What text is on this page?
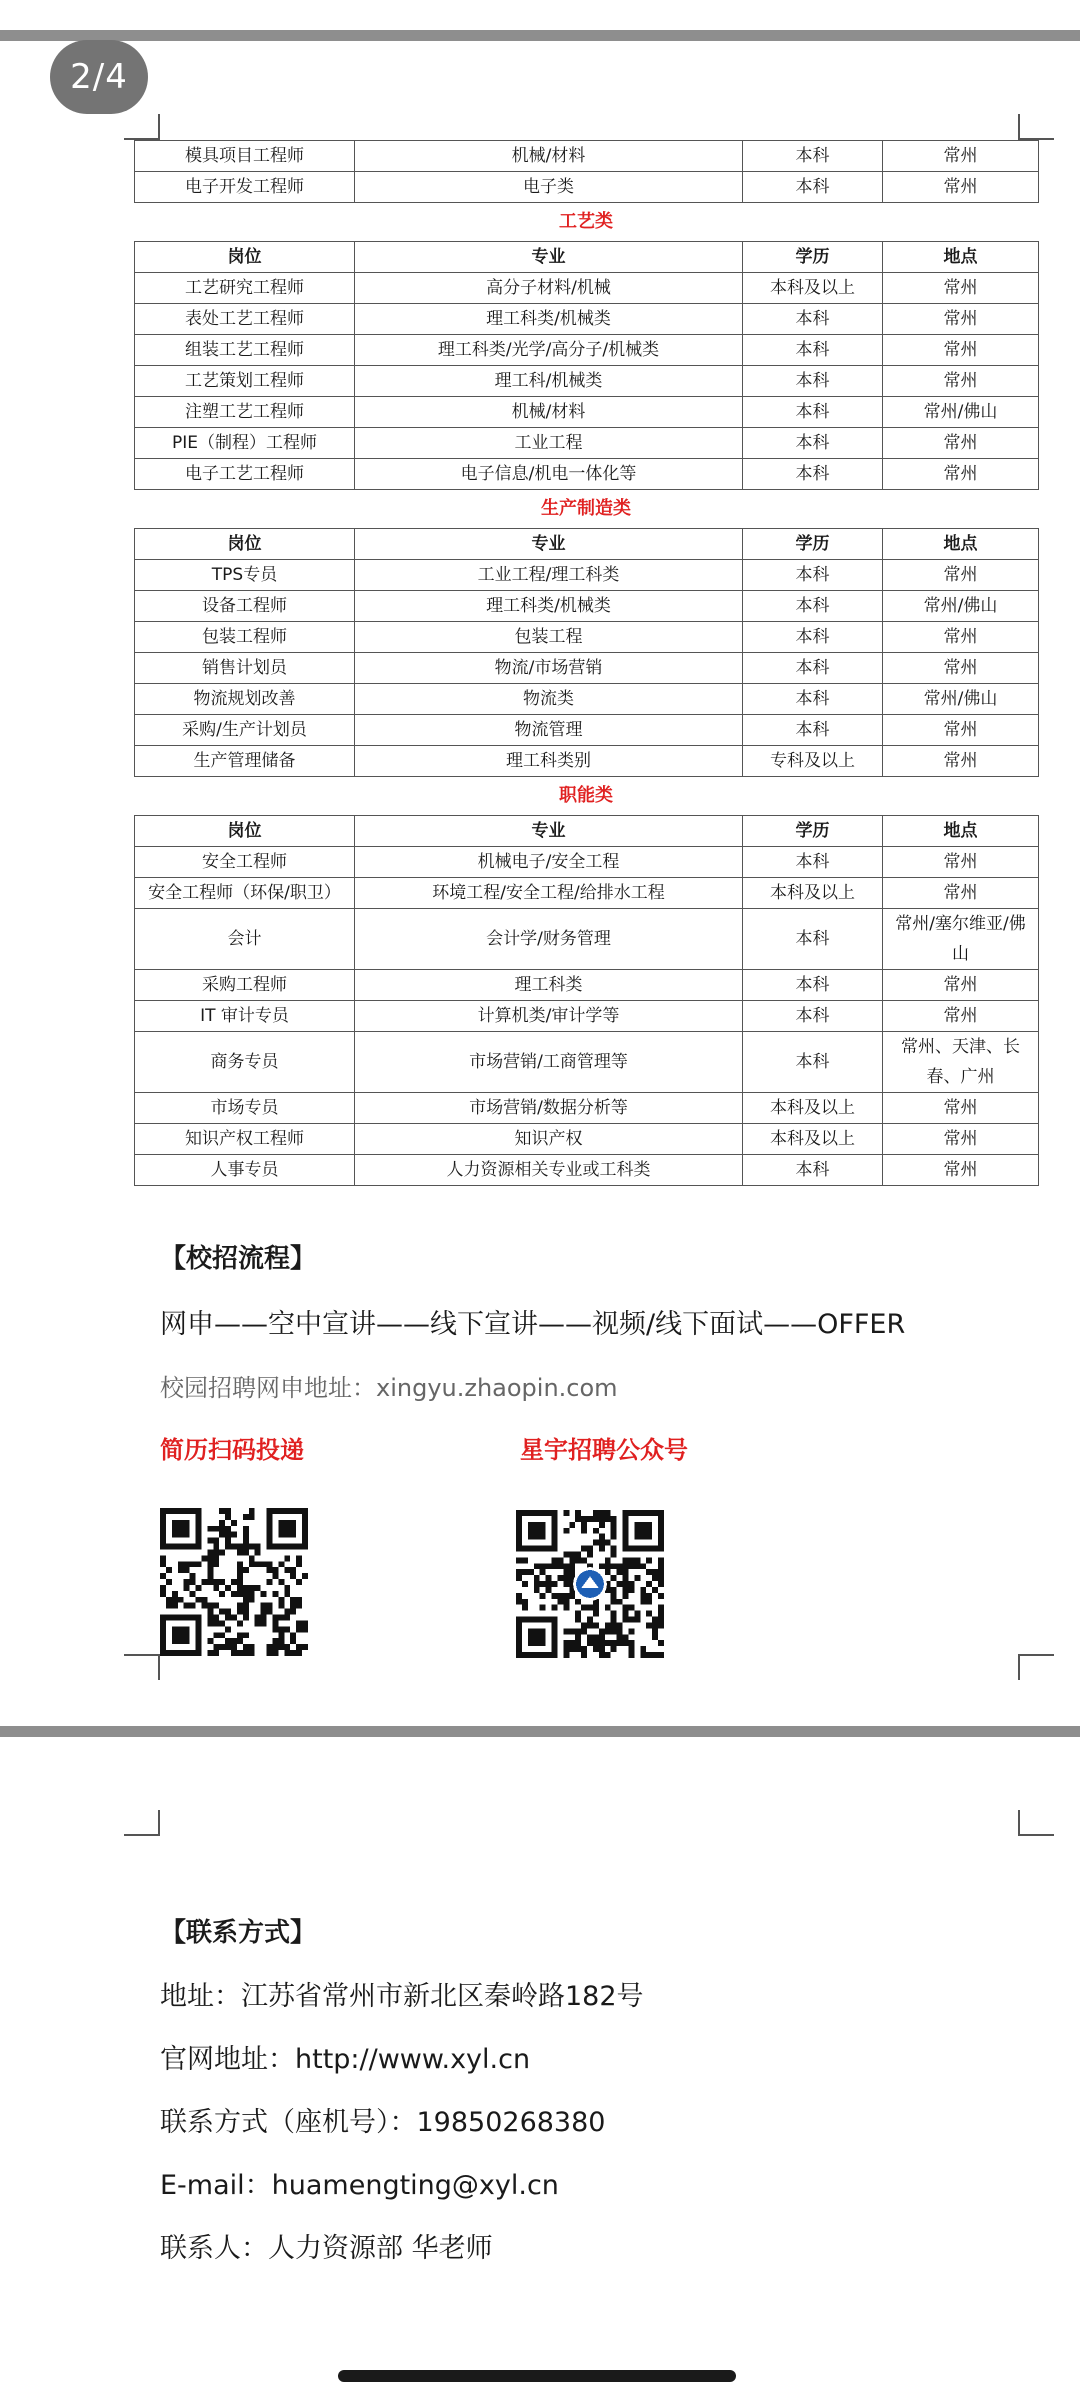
2/4
模具项目工程师	机械/材料	本科	常州
电子开发工程师	电子类	本科	常州
工艺类
岗位	专业	学历	地点
工艺研究工程师	高分子材料/机械	本科及以上	常州
表处工艺工程师	理工科类/机械类	本科	常州
组装工艺工程师	理工科类/光学/高分子/机械类	本科	常州
工艺策划工程师	理工科/机械类	本科	常州
注塑工艺工程师	机械/材料	本科	常州/佛山
PIE（制程）工程师	工业工程	本科	常州
电子工艺工程师	电子信息/机电一体化等	本科	常州
生产制造类
岗位	专业	学历	地点
TPS专员	工业工程/理工科类	本科	常州
设备工程师	理工科类/机械类	本科	常州/佛山
包装工程师	包装工程	本科	常州
销售计划员	物流/市场营销	本科	常州
物流规划改善	物流类	本科	常州/佛山
采购/生产计划员	物流管理	本科	常州
生产管理储备	理工科类别	专科及以上	常州
职能类
岗位	专业	学历	地点
安全工程师	机械电子/安全工程	本科	常州
安全工程师（环保/职卫）	环境工程/安全工程/给排水工程	本科及以上	常州
会计	会计学/财务管理	本科	常州/塞尔维亚/佛山
采购工程师	理工科类	本科	常州
IT 审计专员	计算机类/审计学等	本科	常州
商务专员	市场营销/工商管理等	本科	常州、天津、长春、广州
市场专员	市场营销/数据分析等	本科及以上	常州
知识产权工程师	知识产权	本科及以上	常州
人事专员	人力资源相关专业或工科类	本科	常州
【校招流程】
网申——空中宣讲——线下宣讲——视频/线下面试——OFFER
校园招聘网申地址：xingyu.zhaopin.com
简历扫码投递	星宇招聘公众号
【联系方式】
地址：江苏省常州市新北区秦岭路182号
官网地址：http://www.xyl.cn
联系方式（座机号）：19850268380
E-mail：huamengting@xyl.cn
联系人：人力资源部 华老师
